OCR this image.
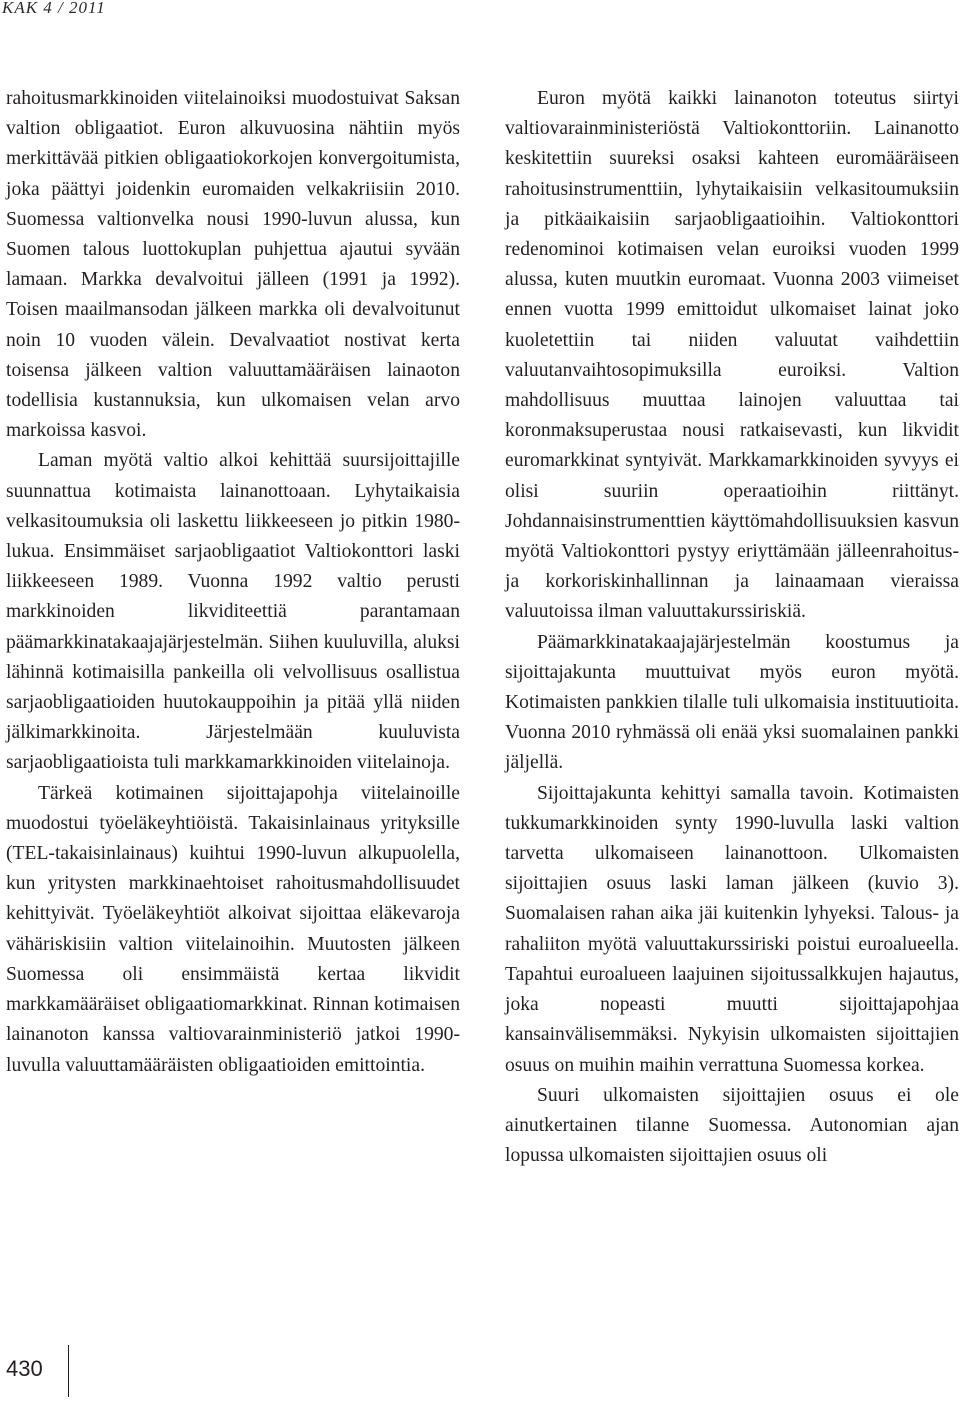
KAK 4 / 2011

rahoitusmarkkinoiden viitelainoiksi muodostuivat Saksan valtion obligaatiot. Euron alkuvuosina nähtiin myös merkittävää pitkien obligaatiokorkojen konvergoitumista, joka päättyi joidenkin euromaiden velkakriisiin 2010. Suomessa valtionvelka nousi 1990-luvun alussa, kun Suomen talous luottokuplan puhjettua ajautui syvään lamaan. Markka devalvoitui jälleen (1991 ja 1992). Toisen maailmansodan jälkeen markka oli devalvoitunut noin 10 vuoden välein. Devalvaatiot nostivat kerta toisensa jälkeen valtion valuuttamääräisen lainaoton todellisia kustannuksia, kun ulkomaisen velan arvo markoissa kasvoi.

Laman myötä valtio alkoi kehittää suursijoittajille suunnattua kotimaista lainanottoaan. Lyhytaikaisia velkasitoumuksia oli laskettu liikkeeseen jo pitkin 1980-lukua. Ensimmäiset sarjaobligaatiot Valtiokonttori laski liikkeeseen 1989. Vuonna 1992 valtio perusti markkinoiden likviditeettiä parantamaan päämarkkinatakaajajärjestelmän. Siihen kuuluvilla, aluksi lähinnä kotimaisilla pankeilla oli velvollisuus osallistua sarjaobligaatioiden huutokauppoihin ja pitää yllä niiden jälkimarkkinoita. Järjestelmään kuuluvista sarjaobligaatioista tuli markkamarkkinoiden viitelainoja.

Tärkeä kotimainen sijoittajapohja viitelainoille muodostui työeläkeyhtiöistä. Takaisinlainaus yrityksille (TEL-takaisinlainaus) kuihtui 1990-luvun alkupuolella, kun yritysten markkinaehtoiset rahoitusmahdollisuudet kehittyivät. Työeläkeyhtiöt alkoivat sijoittaa eläkevaroja vähäriskisiin valtion viitelainoihin. Muutosten jälkeen Suomessa oli ensimmäistä kertaa likvidit markkamääräiset obligaatiomarkkinat. Rinnan kotimaisen lainanoton kanssa valtiovarainministeriö jatkoi 1990-luvulla valuuttamääräisten obligaatioiden emittointia.

Euron myötä kaikki lainanoton toteutus siirtyi valtiovarainministeriöstä Valtiokonttoriin. Lainanotto keskitettiin suureksi osaksi kahteen euromääräiseen rahoitusinstrumenttiin, lyhytaikaisiin velkasitoumuksiin ja pitkäaikaisiin sarjaobligaatioihin. Valtiokonttori redenominoi kotimaisen velan euroiksi vuoden 1999 alussa, kuten muutkin euromaat. Vuonna 2003 viimeiset ennen vuotta 1999 emittoidut ulkomaiset lainat joko kuoletettiin tai niiden valuutat vaihdettiin valuutanvaihtosopimuksilla euroiksi. Valtion mahdollisuus muuttaa lainojen valuuttaa tai koronmaksuperustaa nousi ratkaisevasti, kun likvidit euromarkkinat syntyivät. Markkamarkkinoiden syvyys ei olisi suuriin operaatioihin riittänyt. Johdannaisinstrumenttien käyttömahdollisuuksien kasvun myötä Valtiokonttori pystyy eriyttämään jälleenrahoitus- ja korkoriskinhallinnan ja lainaamaan vieraissa valuutoissa ilman valuuttakurssiriskiä.

Päämarkkinatakaajajärjestelmän koostumus ja sijoittajakunta muuttuivat myös euron myötä. Kotimaisten pankkien tilalle tuli ulkomaisia instituutioita. Vuonna 2010 ryhmässä oli enää yksi suomalainen pankki jäljellä.

Sijoittajakunta kehittyi samalla tavoin. Kotimaisten tukkumarkkinoiden synty 1990-luvulla laski valtion tarvetta ulkomaiseen lainanottoon. Ulkomaisten sijoittajien osuus laski laman jälkeen (kuvio 3). Suomalaisen rahan aika jäi kuitenkin lyhyeksi. Talous- ja rahaliiton myötä valuuttakurssiriski poistui euroalueella. Tapahtui euroalueen laajuinen sijoitussalkkujen hajautus, joka nopeasti muutti sijoittajapohjaa kansainvälisemmäksi. Nykyisin ulkomaisten sijoittajien osuus on muihin maihin verrattuna Suomessa korkea.

Suuri ulkomaisten sijoittajien osuus ei ole ainutkertainen tilanne Suomessa. Autonomian ajan lopussa ulkomaisten sijoittajien osuus oli

430
